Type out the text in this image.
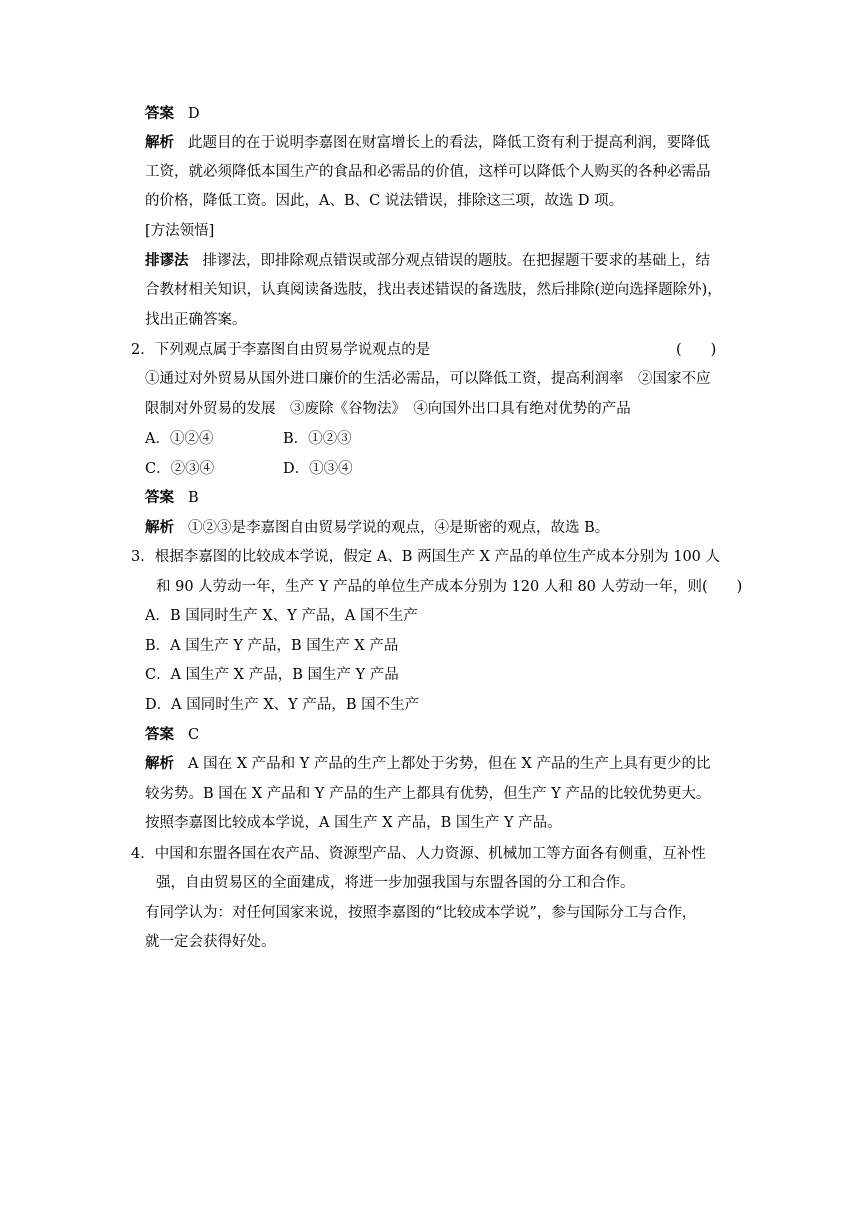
答案 D
解析 此题目的在于说明李嘉图在财富增长上的看法，降低工资有利于提高利润，要降低
工资，就必须降低本国生产的食品和必需品的价值，这样可以降低个人购买的各种必需品
的价格，降低工资。因此，A、B、C 说法错误，排除这三项，故选 D 项。
[方法领悟]
排谬法 排谬法，即排除观点错误或部分观点错误的题肢。在把握题干要求的基础上，结
合教材相关知识，认真阅读备选肢，找出表述错误的备选肢，然后排除(逆向选择题除外)，
找出正确答案。
2．下列观点属于李嘉图自由贸易学说观点的是	(　　)
①通过对外贸易从国外进口廉价的生活必需品，可以降低工资，提高利润率　②国家不应
限制对外贸易的发展　③废除《谷物法》　④向国外出口具有绝对优势的产品
A．①②④	B．①②③
C．②③④	D．①③④
答案 B
解析 ①②③是李嘉图自由贸易学说的观点，④是斯密的观点，故选 B。
3．根据李嘉图的比较成本学说，假定 A、B 两国生产 X 产品的单位生产成本分别为 100 人
和 90 人劳动一年，生产 Y 产品的单位生产成本分别为 120 人和 80 人劳动一年，则(　　)
A．B 国同时生产 X、Y 产品，A 国不生产
B．A 国生产 Y 产品，B 国生产 X 产品
C．A 国生产 X 产品，B 国生产 Y 产品
D．A 国同时生产 X、Y 产品，B 国不生产
答案 C
解析 A 国在 X 产品和 Y 产品的生产上都处于劣势，但在 X 产品的生产上具有更少的比
较劣势。B 国在 X 产品和 Y 产品的生产上都具有优势，但生产 Y 产品的比较优势更大。
按照李嘉图比较成本学说，A 国生产 X 产品，B 国生产 Y 产品。
4．中国和东盟各国在农产品、资源型产品、人力资源、机械加工等方面各有侧重，互补性
强，自由贸易区的全面建成，将进一步加强我国与东盟各国的分工和合作。
有同学认为：对任何国家来说，按照李嘉图的“比较成本学说”，参与国际分工与合作，
就一定会获得好处。
